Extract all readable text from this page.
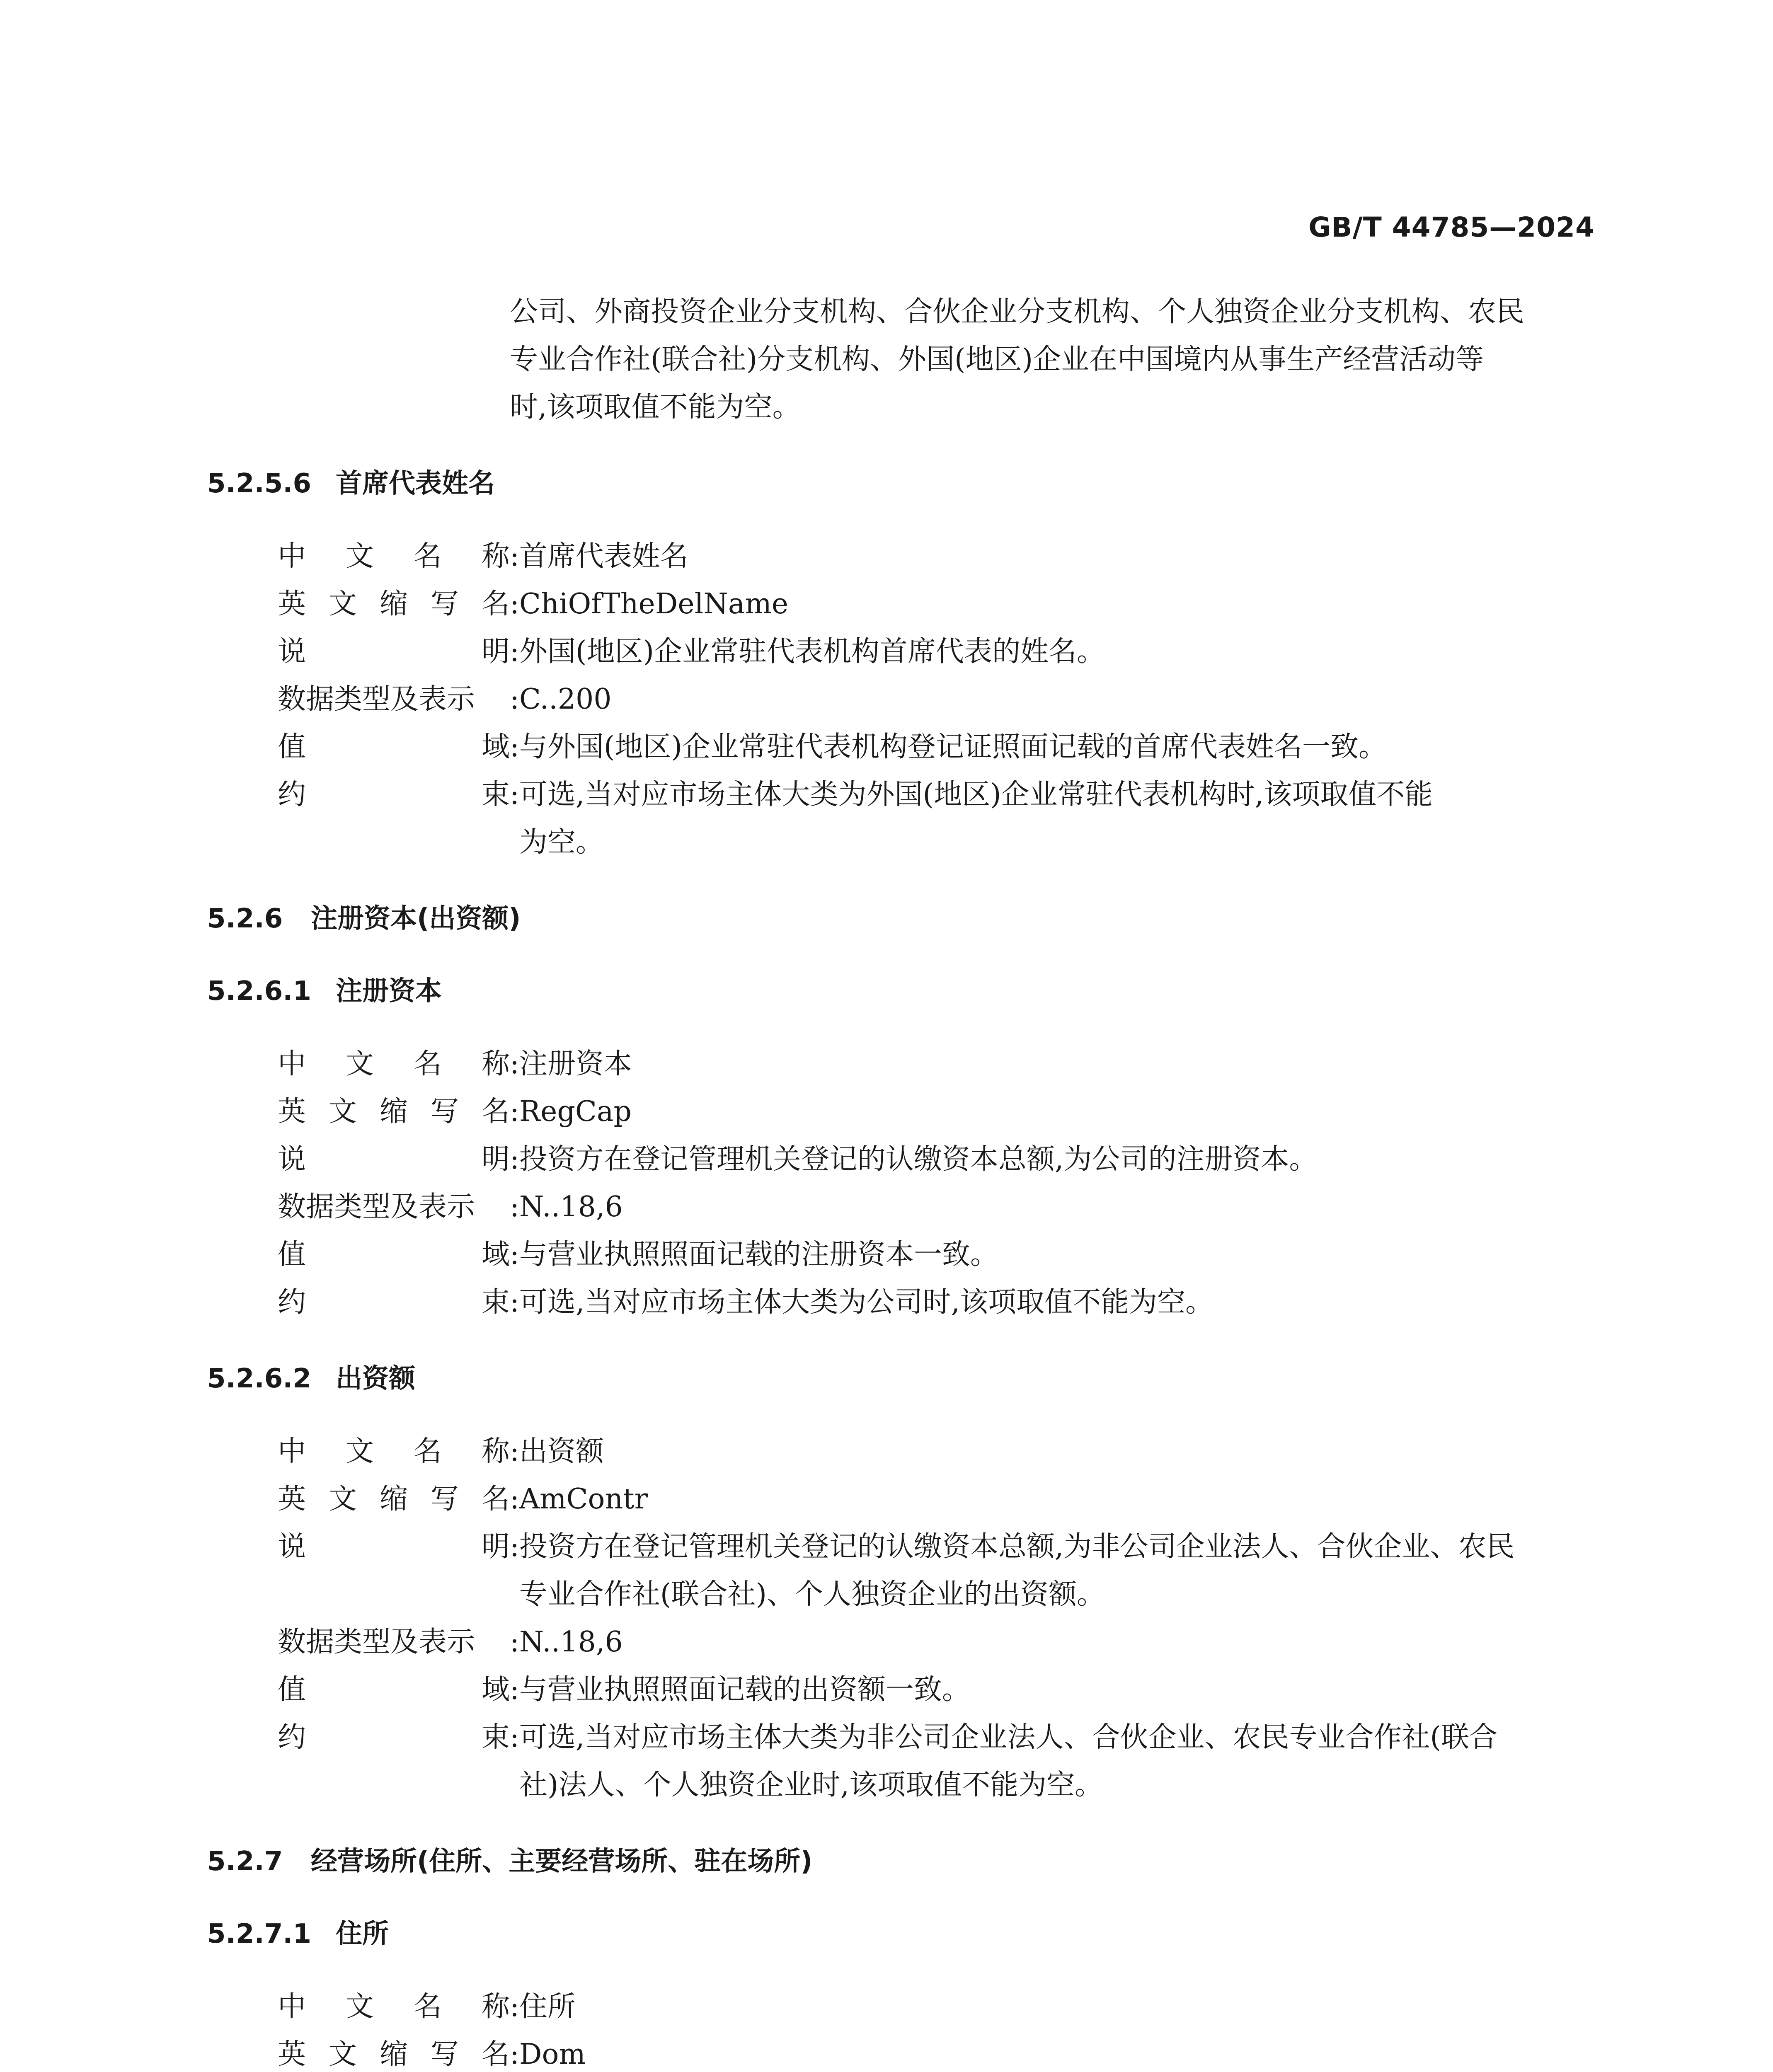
GB/T 44785—2024
公司、外商投资企业分支机构、合伙企业分支机构、个人独资企业分支机构、农民
专业合作社(联合社)分支机构、外国(地区)企业在中国境内从事生产经营活动等
时,该项取值不能为空。
5.2.5.6 首席代表姓名
中 文 名 称 : 首席代表姓名
英 文 缩 写 名 : ChiOfTheDelName
说	明 : 外国(地区)企业常驻代表机构首席代表的姓名。
数据类型及表示 : C..200
值	域 : 与外国(地区)企业常驻代表机构登记证照面记载的首席代表姓名一致。
约	束 : 可选,当对应市场主体大类为外国(地区)企业常驻代表机构时,该项取值不能
为空。
5.2.6 注册资本(出资额)
5.2.6.1 注册资本
中 文 名 称 : 注册资本
英 文 缩 写 名 : RegCap
说	明 : 投资方在登记管理机关登记的认缴资本总额,为公司的注册资本。
数据类型及表示 : N..18,6
值	域 : 与营业执照照面记载的注册资本一致。
约	束 : 可选,当对应市场主体大类为公司时,该项取值不能为空。
5.2.6.2 出资额
中 文 名 称 : 出资额
英 文 缩 写 名 : AmContr
说	明 : 投资方在登记管理机关登记的认缴资本总额,为非公司企业法人、合伙企业、农民
专业合作社(联合社)、个人独资企业的出资额。
数据类型及表示 : N..18,6
值	域 : 与营业执照照面记载的出资额一致。
约	束 : 可选,当对应市场主体大类为非公司企业法人、合伙企业、农民专业合作社(联合
社)法人、个人独资企业时,该项取值不能为空。
5.2.7 经营场所(住所、主要经营场所、驻在场所)
5.2.7.1 住所
中 文 名 称 : 住所
英 文 缩 写 名 : Dom
